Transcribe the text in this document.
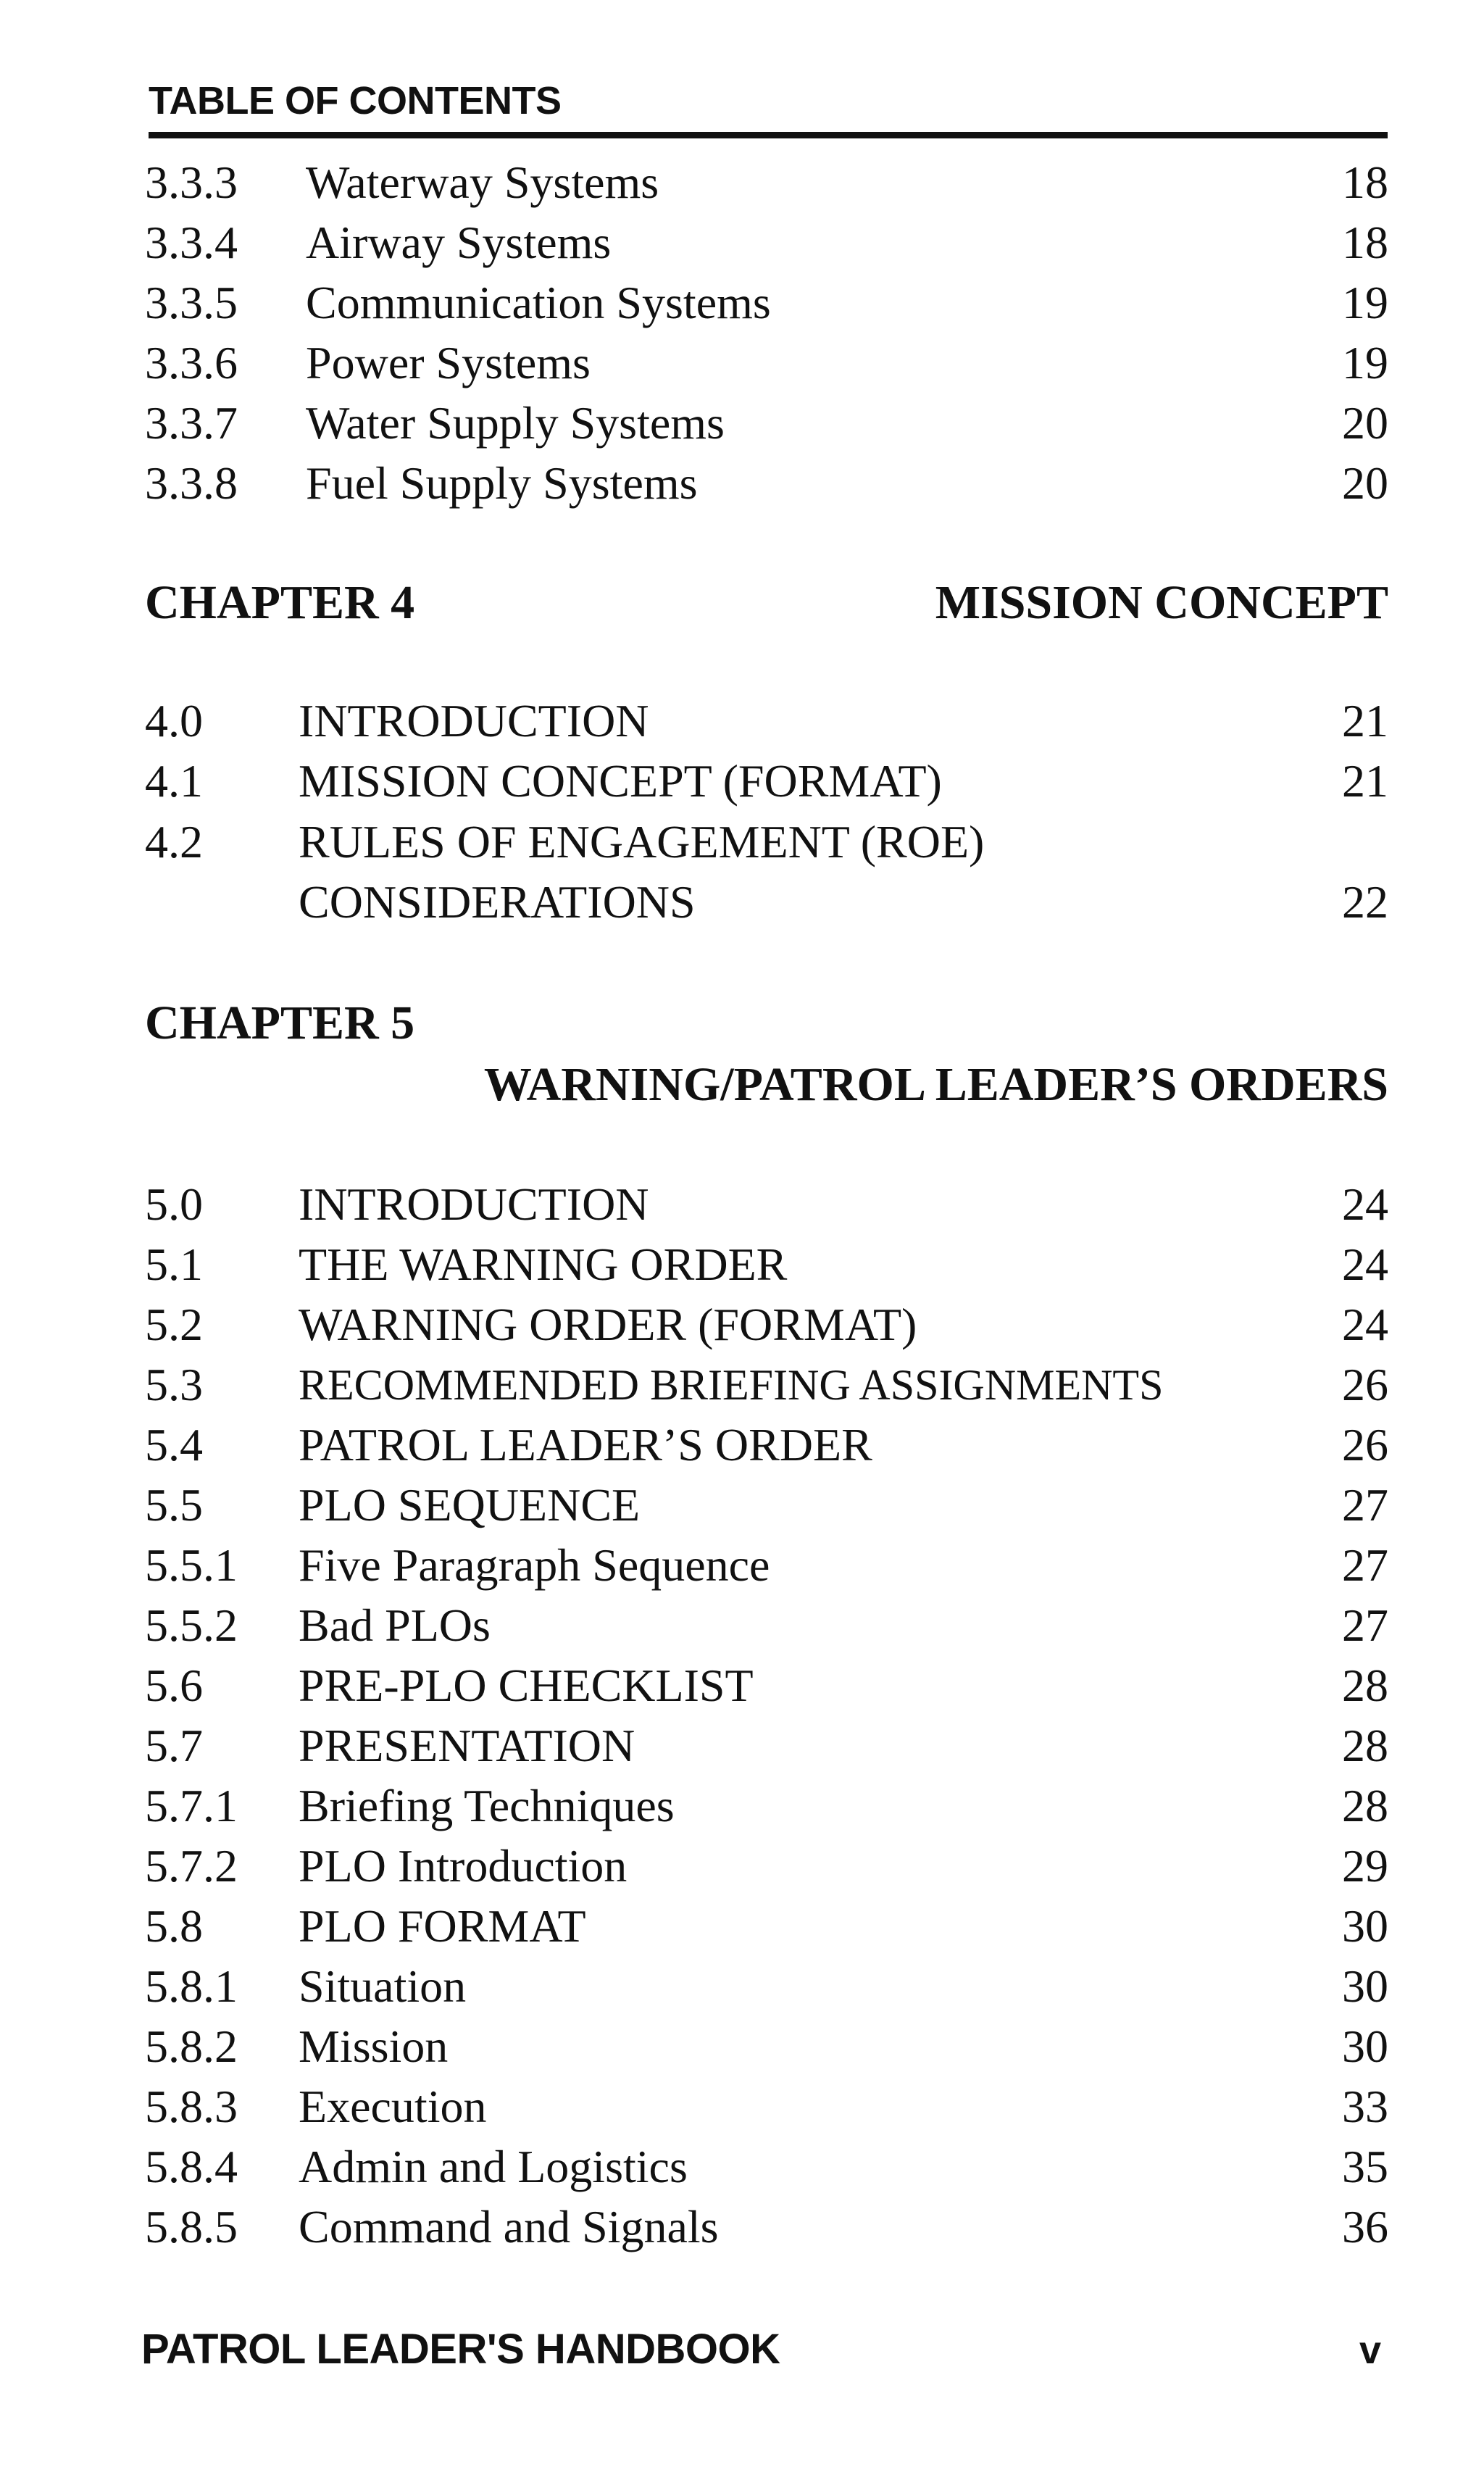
TABLE OF CONTENTS
3.3.3 Waterway Systems	18
3.3.4 Airway Systems	18
3.3.5 Communication Systems	19
3.3.6 Power Systems	19
3.3.7 Water Supply Systems	20
3.3.8 Fuel Supply Systems	20
CHAPTER 4	MISSION CONCEPT
4.0 INTRODUCTION	21
4.1 MISSION CONCEPT (FORMAT)	21
4.2 RULES OF ENGAGEMENT (ROE)
CONSIDERATIONS	22
CHAPTER 5
WARNING/PATROL LEADER’S ORDERS
5.0 INTRODUCTION	24
5.1 THE WARNING ORDER	24
5.2 WARNING ORDER (FORMAT)	24
5.3 RECOMMENDED BRIEFING ASSIGNMENTS	26
5.4 PATROL LEADER’S ORDER	26
5.5 PLO SEQUENCE	27
5.5.1 Five Paragraph Sequence	27
5.5.2 Bad PLOs	27
5.6 PRE-PLO CHECKLIST	28
5.7 PRESENTATION	28
5.7.1 Briefing Techniques	28
5.7.2 PLO Introduction	29
5.8 PLO FORMAT	30
5.8.1 Situation	30
5.8.2 Mission	30
5.8.3 Execution	33
5.8.4 Admin and Logistics	35
5.8.5 Command and Signals	36
PATROL LEADER'S HANDBOOK	v
